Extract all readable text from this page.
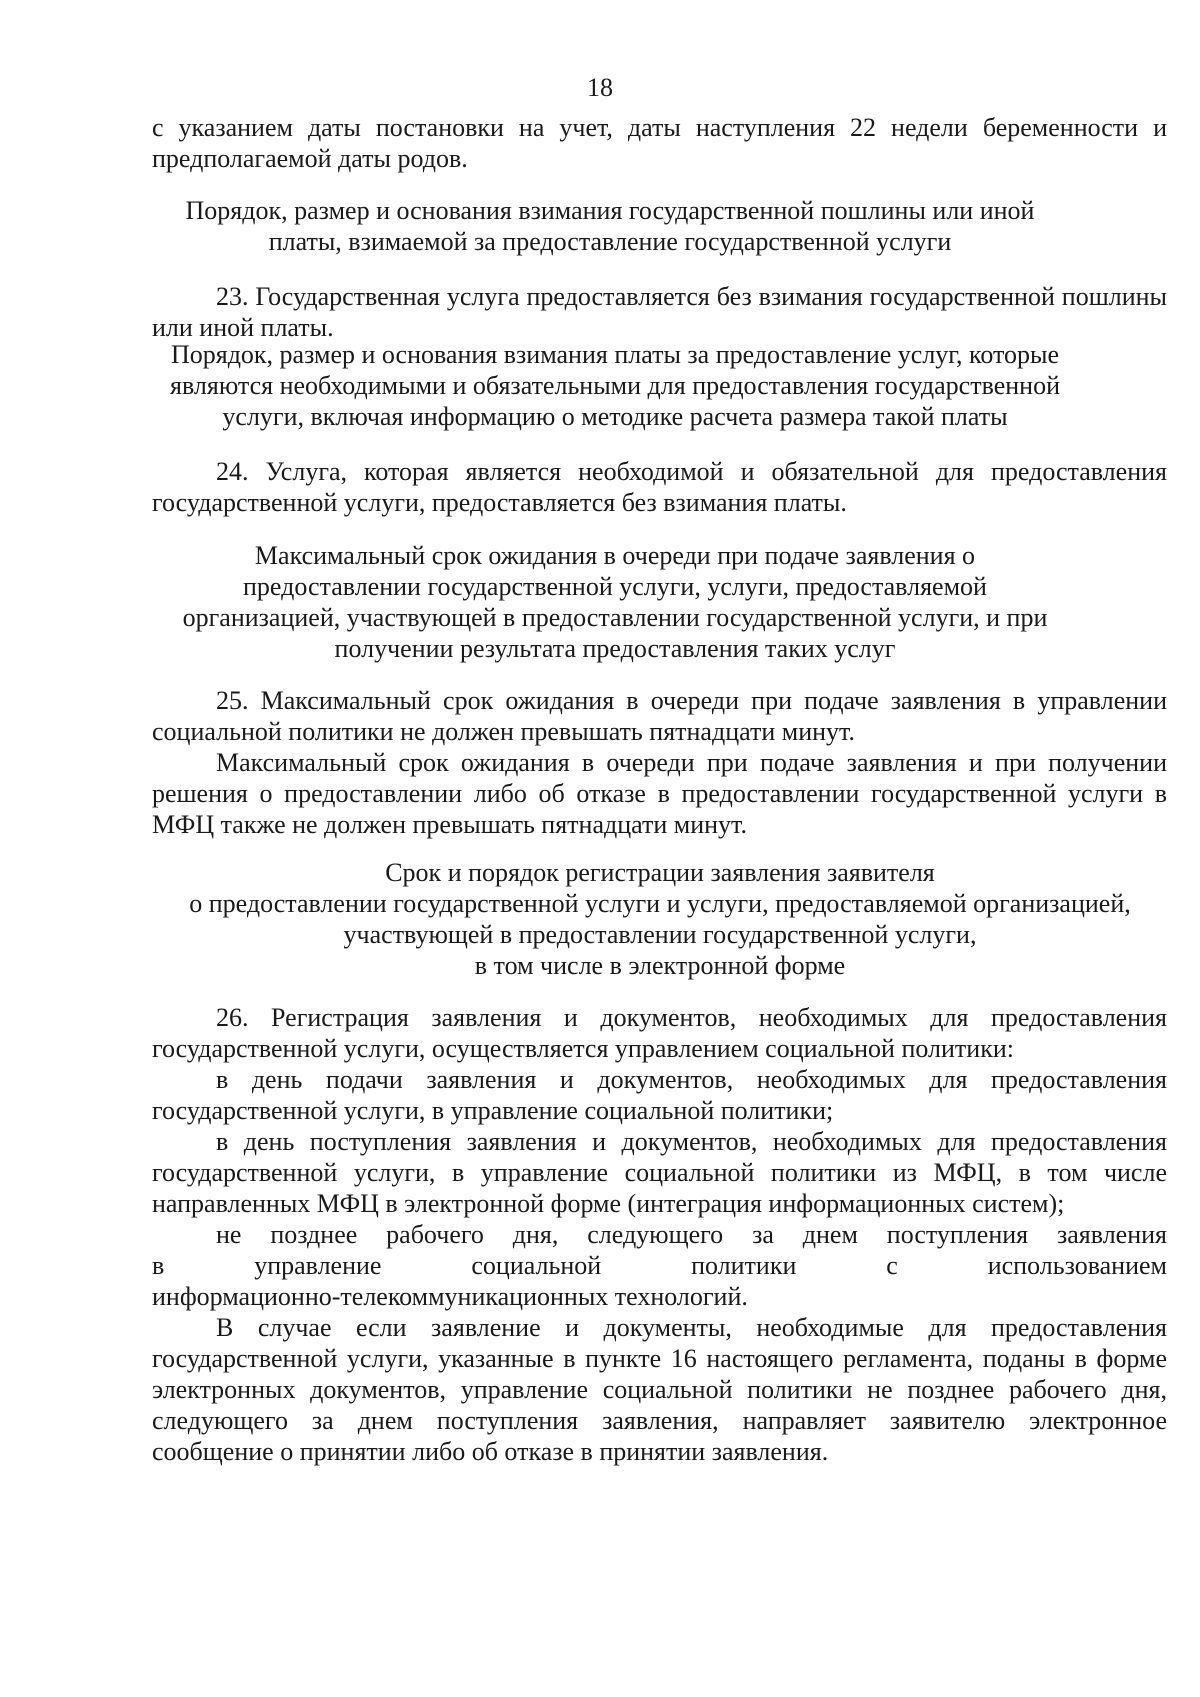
18
с указанием даты постановки на учет, даты наступления 22 недели беременности и предполагаемой даты родов.
Порядок, размер и основания взимания государственной пошлины или иной платы, взимаемой за предоставление государственной услуги
23. Государственная услуга предоставляется без взимания государственной пошлины или иной платы.
Порядок, размер и основания взимания платы за предоставление услуг, которые являются необходимыми и обязательными для предоставления государственной услуги, включая информацию о методике расчета размера такой платы
24. Услуга, которая является необходимой и обязательной для предоставления государственной услуги, предоставляется без взимания платы.
Максимальный срок ожидания в очереди при подаче заявления о предоставлении государственной услуги, услуги, предоставляемой организацией, участвующей в предоставлении государственной услуги, и при получении результата предоставления таких услуг
25. Максимальный срок ожидания в очереди при подаче заявления в управлении социальной политики не должен превышать пятнадцати минут.
Максимальный срок ожидания в очереди при подаче заявления и при получении решения о предоставлении либо об отказе в предоставлении государственной услуги в МФЦ также не должен превышать пятнадцати минут.

Срок и порядок регистрации заявления заявителя

о предоставлении государственной услуги и услуги, предоставляемой организацией,

участвующей в предоставлении государственной услуги,

в том числе в электронной форме

26. Регистрация заявления и документов, необходимых для предоставления государственной услуги, осуществляется управлением социальной политики:
в день подачи заявления и документов, необходимых для предоставления государственной услуги, в управление социальной политики;
в день поступления заявления и документов, необходимых для предоставления государственной услуги, в управление социальной политики из МФЦ, в том числе направленных МФЦ в электронной форме (интеграция информационных систем);

не позднее рабочего дня, следующего за днем поступления заявления

в управление социальной политики с использованием

информационно-телекоммуникационных технологий.

В случае если заявление и документы, необходимые для предоставления государственной услуги, указанные в пункте 16 настоящего регламента, поданы в форме электронных документов, управление социальной политики не позднее рабочего дня, следующего за днем поступления заявления, направляет заявителю электронное сообщение о принятии либо об отказе в принятии заявления.
